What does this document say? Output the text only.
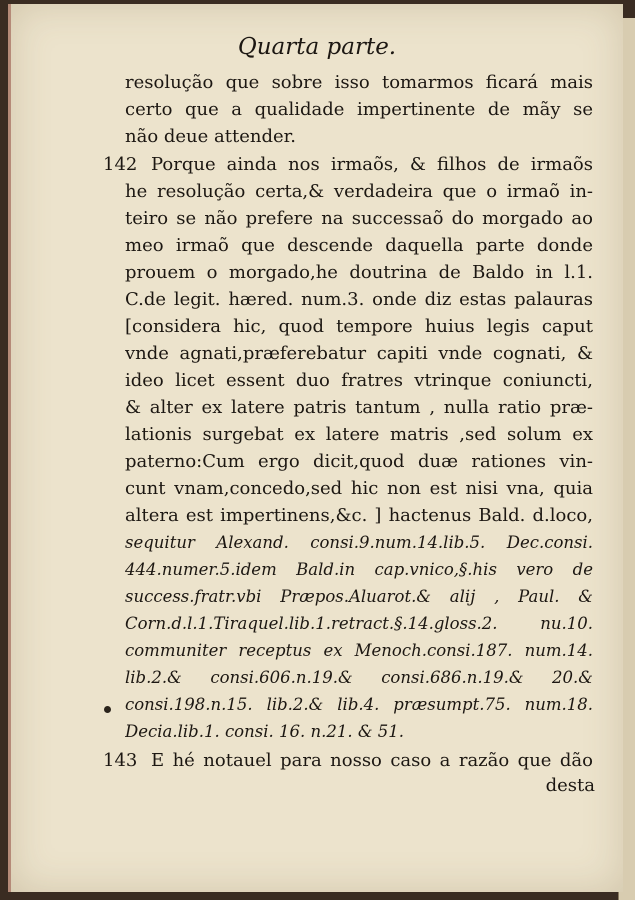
Quarta parte.
resolução que sobre isso tomarmos ficará mais
certo que a qualidade impertinente de mãy se
não deue attender.
142 Porque ainda nos irmaõs, & filhos de irmaõs
he resolução certa,& verdadeira que o irmaõ in-
teiro se não prefere na successaõ do morgado ao
meo irmaõ que descende daquella parte donde
prouem o morgado,he doutrina de Baldo in l.1.
C.de legit. hæred. num.3. onde diz estas palauras
[considera hic, quod tempore huius legis caput
vnde agnati,præferebatur capiti vnde cognati, &
ideo licet essent duo fratres vtrinque coniuncti,
& alter ex latere patris tantum , nulla ratio præ-
lationis surgebat ex latere matris ,sed solum ex
paterno:Cum ergo dicit,quod duæ rationes vin-
cunt vnam,concedo,sed hic non est nisi vna, quia
altera est impertinens,&c. ] hactenus Bald. d.loco,
sequitur Alexand. consi.9.num.14.lib.5. Dec.consi.
444.numer.5.idem Bald.in cap.vnico,§.his vero de
success.fratr.vbi Præpos.Aluarot.& alij , Paul. &
Corn.d.l.1.Tiraquel.lib.1.retract.§.14.gloss.2. nu.10.
communiter receptus ex Menoch.consi.187. num.14.
lib.2.& consi.606.n.19.& consi.686.n.19.& 20.&
consi.198.n.15. lib.2.& lib.4. præsumpt.75. num.18.
Decia.lib.1. consi. 16. n.21. & 51.
143 E hé notauel para nosso caso a razão que dão
desta
